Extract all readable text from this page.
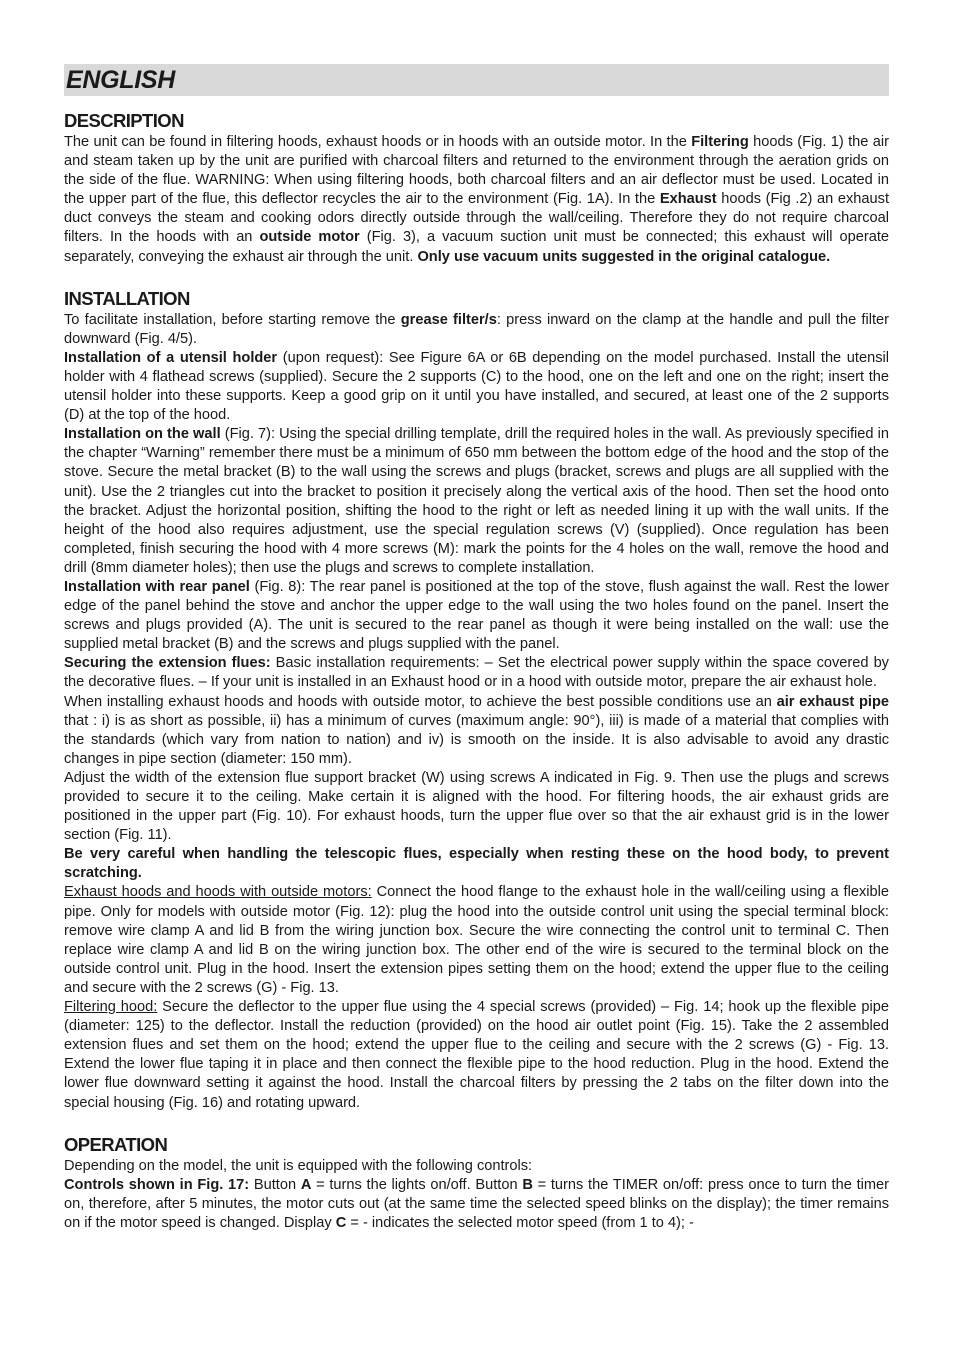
ENGLISH
DESCRIPTION

The unit can be found in filtering hoods, exhaust hoods or in hoods with an outside motor. In the Filtering hoods (Fig. 1) the air and steam taken up by the unit are purified with charcoal filters and returned to the environment through the aeration grids on the side of the flue. WARNING: When using filtering hoods, both charcoal filters and an air deflector must be used. Located in the upper part of the flue, this deflector recycles the air to the environment (Fig. 1A). In the Exhaust hoods (Fig .2) an exhaust duct conveys the steam and cooking odors directly outside through the wall/ceiling. Therefore they do not require charcoal filters. In the hoods with an outside motor (Fig. 3), a vacuum suction unit must be connected; this exhaust will operate separately, conveying the exhaust air through the unit. Only use vacuum units suggested in the original catalogue.

INSTALLATION

To facilitate installation, before starting remove the grease filter/s: press inward on the clamp at the handle and pull the filter downward (Fig. 4/5).

Installation of a utensil holder (upon request): See Figure 6A or 6B depending on the model purchased. Install the utensil holder with 4 flathead screws (supplied). Secure the 2 supports (C) to the hood, one on the left and one on the right; insert the utensil holder into these supports. Keep a good grip on it until you have installed, and secured, at least one of the 2 supports (D) at the top of the hood.

Installation on the wall (Fig. 7): Using the special drilling template, drill the required holes in the wall. As previously specified in the chapter “Warning” remember there must be a minimum of 650 mm between the bottom edge of the hood and the stop of the stove. Secure the metal bracket (B) to the wall using the screws and plugs (bracket, screws and plugs are all supplied with the unit). Use the 2 triangles cut into the bracket to position it precisely along the vertical axis of the hood. Then set the hood onto the bracket. Adjust the horizontal position, shifting the hood to the right or left as needed lining it up with the wall units. If the height of the hood also requires adjustment, use the special regulation screws (V) (supplied). Once regulation has been completed, finish securing the hood with 4 more screws (M): mark the points for the 4 holes on the wall, remove the hood and drill (8mm diameter holes); then use the plugs and screws to complete installation.

Installation with rear panel (Fig. 8): The rear panel is positioned at the top of the stove, flush against the wall. Rest the lower edge of the panel behind the stove and anchor the upper edge to the wall using the two holes found on the panel. Insert the screws and plugs provided (A). The unit is secured to the rear panel as though it were being installed on the wall: use the supplied metal bracket (B) and the screws and plugs supplied with the panel.

Securing the extension flues: Basic installation requirements: – Set the electrical power supply within the space covered by the decorative flues. – If your unit is installed in an Exhaust hood or in a hood with outside motor, prepare the air exhaust hole.

When installing exhaust hoods and hoods with outside motor, to achieve the best possible conditions use an air exhaust pipe that : i) is as short as possible, ii) has a minimum of curves (maximum angle: 90°), iii) is made of a material that complies with the standards (which vary from nation to nation) and iv) is smooth on the inside. It is also advisable to avoid any drastic changes in pipe section (diameter: 150 mm).

Adjust the width of the extension flue support bracket (W) using screws A indicated in Fig. 9. Then use the plugs and screws provided to secure it to the ceiling. Make certain it is aligned with the hood. For filtering hoods, the air exhaust grids are positioned in the upper part (Fig. 10). For exhaust hoods, turn the upper flue over so that the air exhaust grid is in the lower section (Fig. 11).

Be very careful when handling the telescopic flues, especially when resting these on the hood body, to prevent scratching.

Exhaust hoods and hoods with outside motors: Connect the hood flange to the exhaust hole in the wall/ceiling using a flexible pipe. Only for models with outside motor (Fig. 12): plug the hood into the outside control unit using the special terminal block: remove wire clamp A and lid B from the wiring junction box. Secure the wire connecting the control unit to terminal C. Then replace wire clamp A and lid B on the wiring junction box. The other end of the wire is secured to the terminal block on the outside control unit. Plug in the hood. Insert the extension pipes setting them on the hood; extend the upper flue to the ceiling and secure with the 2 screws (G) - Fig. 13.

Filtering hood: Secure the deflector to the upper flue using the 4 special screws (provided) – Fig. 14; hook up the flexible pipe (diameter: 125) to the deflector. Install the reduction (provided) on the hood air outlet point (Fig. 15). Take the 2 assembled extension flues and set them on the hood; extend the upper flue to the ceiling and secure with the 2 screws (G) - Fig. 13. Extend the lower flue taping it in place and then connect the flexible pipe to the hood reduction. Plug in the hood. Extend the lower flue downward setting it against the hood. Install the charcoal filters by pressing the 2 tabs on the filter down into the special housing (Fig. 16) and rotating upward.

OPERATION

Depending on the model, the unit is equipped with the following controls:

Controls shown in Fig. 17: Button A = turns the lights on/off. Button B = turns the TIMER on/off: press once to turn the timer on, therefore, after 5 minutes, the motor cuts out (at the same time the selected speed blinks on the display); the timer remains on if the motor speed is changed. Display C = - indicates the selected motor speed (from 1 to 4); -
